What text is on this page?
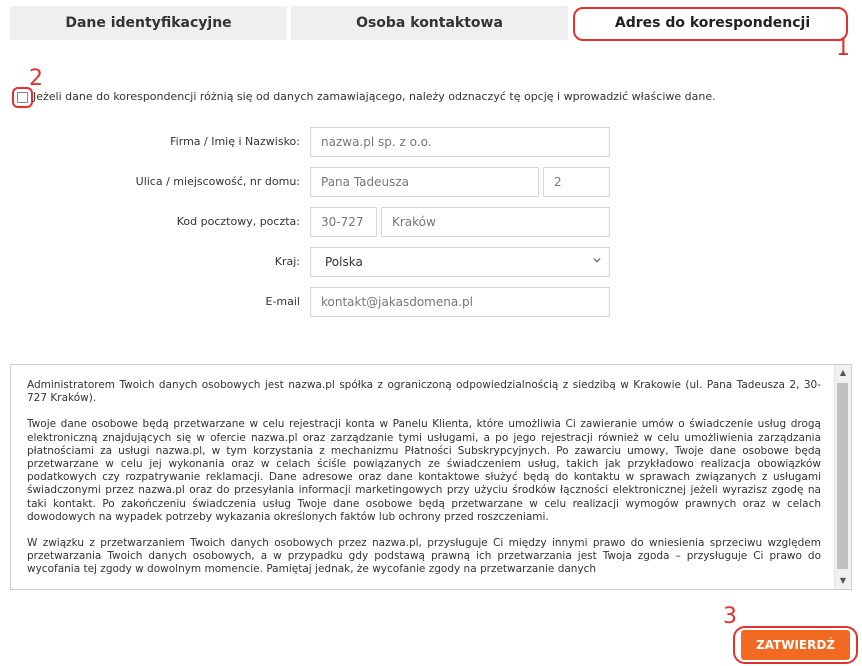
Dane identyfikacyjne	Osoba kontaktowa	Adres do korespondencji
1
2
Jeżeli dane do korespondencji różnią się od danych zamawiającego, należy odznaczyć tę opcję i wprowadzić właściwe dane.
Firma / Imię i Nazwisko:	nazwa.pl sp. z o.o.
Ulica / miejscowość, nr domu:	Pana Tadeusza	2
Kod pocztowy, poczta:	30-727	Kraków
Kraj:	Polska
E-mail	kontakt@jakasdomena.pl

Administratorem Twoich danych osobowych jest nazwa.pl spółka z ograniczoną odpowiedzialnością z siedzibą w Krakowie (ul. Pana Tadeusza 2, 30-727 Kraków).

Twoje dane osobowe będą przetwarzane w celu rejestracji konta w Panelu Klienta, które umożliwia Ci zawieranie umów o świadczenie usług drogą elektroniczną znajdujących się w ofercie nazwa.pl oraz zarządzanie tymi usługami, a po jego rejestracji również w celu umożliwienia zarządzania płatnościami za usługi nazwa.pl, w tym korzystania z mechanizmu Płatności Subskrypcyjnych. Po zawarciu umowy, Twoje dane osobowe będą przetwarzane w celu jej wykonania oraz w celach ściśle powiązanych ze świadczeniem usług, takich jak przykładowo realizacja obowiązków podatkowych czy rozpatrywanie reklamacji. Dane adresowe oraz dane kontaktowe służyć będą do kontaktu w sprawach związanych z usługami świadczonymi przez nazwa.pl oraz do przesyłania informacji marketingowych przy użyciu środków łączności elektronicznej jeżeli wyrazisz zgodę na taki kontakt. Po zakończeniu świadczenia usług Twoje dane osobowe będą przetwarzane w celu realizacji wymogów prawnych oraz w celach dowodowych na wypadek potrzeby wykazania określonych faktów lub ochrony przed roszczeniami.

W związku z przetwarzaniem Twoich danych osobowych przez nazwa.pl, przysługuje Ci między innymi prawo do wniesienia sprzeciwu względem przetwarzania Twoich danych osobowych, a w przypadku gdy podstawą prawną ich przetwarzania jest Twoja zgoda – przysługuje Ci prawo do wycofania tej zgody w dowolnym momencie. Pamiętaj jednak, że wycofanie zgody na przetwarzanie danych

▲
▼
3
ZATWIERDŹ
